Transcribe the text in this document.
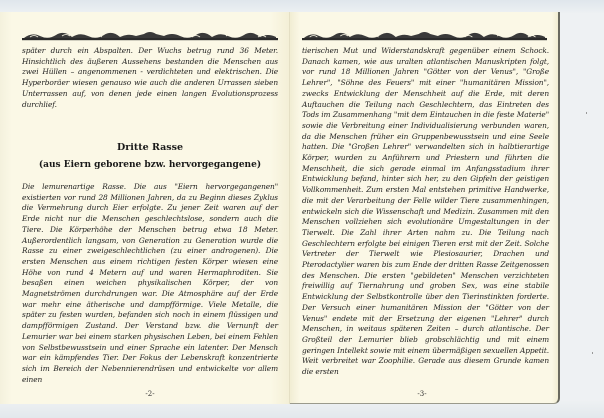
später durch ein Abspalten. Der Wuchs betrug rund 36 Meter. Hinsichtlich des äußeren Aussehens bestanden die Menschen aus zwei Hüllen – angenommenen - verdichteten und elektrischen. Die Hyperboräer wiesen genauso wie auch die anderen Urrassen sieben Unterrassen auf, von denen jede einen langen Evolutionsprozess durchlief.

Dritte Rasse
(aus Eiern geborene bzw. hervorgegangene)

Die lemurenartige Rasse. Die aus "Eiern hervorgegangenen" existierten vor rund 28 Millionen Jahren, da zu Beginn dieses Zyklus die Vermehrung durch Eier erfolgte. Zu jener Zeit waren auf der Erde nicht nur die Menschen geschlechtslose, sondern auch die Tiere. Die Körperhöhe der Menschen betrug etwa 18 Meter. Außerordentlich langsam, von Generation zu Generation wurde die Rasse zu einer zweigeschlechtlichen (zu einer androgenen). Die ersten Menschen aus einem richtigen festen Körper wiesen eine Höhe von rund 4 Metern auf und waren Hermaphroditen. Sie besaßen einen weichen physikalischen Körper, der von Magnetströmen durchdrungen war. Die Atmosphäre auf der Erde war mehr eine ätherische und dampfförmige. Viele Metalle, die später zu festen wurden, befanden sich noch in einem flüssigen und dampfförmigen Zustand. Der Verstand bzw. die Vernunft der Lemurier war bei einem starken physischen Leben, bei einem Fehlen von Selbstbewusstsein und einer Sprache ein latenter. Der Mensch war ein kämpfendes Tier. Der Fokus der Lebenskraft konzentrierte sich im Bereich der Nebennierendrüsen und entwickelte vor allem einen

-2-

tierischen Mut und Widerstandskraft gegenüber einem Schock. Danach kamen, wie aus uralten atlantischen Manuskripten folgt, vor rund 18 Millionen Jahren "Götter von der Venus", "Große Lehrer", "Söhne des Feuers" mit einer "humanitären Mission", zwecks Entwicklung der Menschheit auf die Erde, mit deren Auftauchen die Teilung nach Geschlechtern, das Eintreten des Tods im Zusammenhang "mit dem Eintauchen in die feste Materie" sowie die Verbreitung einer Individualisierung verbunden waren, da die Menschen früher ein Gruppenbewusstsein und eine Seele hatten. Die "Großen Lehrer" verwandelten sich in halbtierartige Körper, wurden zu Anführern und Priestern und führten die Menschheit, die sich gerade einmal im Anfangsstadium ihrer Entwicklung befand, hinter sich her, zu den Gipfeln der geistigen Vollkommenheit. Zum ersten Mal entstehen primitive Handwerke, die mit der Verarbeitung der Felle wilder Tiere zusammenhingen, entwickeln sich die Wissenschaft und Medizin. Zusammen mit den Menschen vollziehen sich evolutionäre Umgestaltungen in der Tierwelt. Die Zahl ihrer Arten nahm zu. Die Teilung nach Geschlechtern erfolgte bei einigen Tieren erst mit der Zeit. Solche Vertreter der Tierwelt wie Plesiosaurier, Drachen und Pterodactylier waren bis zum Ende der dritten Rasse Zeitgenossen des Menschen. Die ersten "gebildeten" Menschen verzichteten freiwillig auf Tiernahrung und groben Sex, was eine stabile Entwicklung der Selbstkontrolle über den Tierinstinkten forderte. Der Versuch einer humanitären Mission der "Götter von der Venus" endete mit der Ersetzung der eigenen "Lehrer" durch Menschen, in weitaus späteren Zeiten – durch atlantische. Der Großteil der Lemurier blieb grobschlächtig und mit einem geringen Intellekt sowie mit einem übermäßigen sexuellen Appetit. Weit verbreitet war Zoophilie. Gerade aus diesem Grunde kamen die ersten

-3-
